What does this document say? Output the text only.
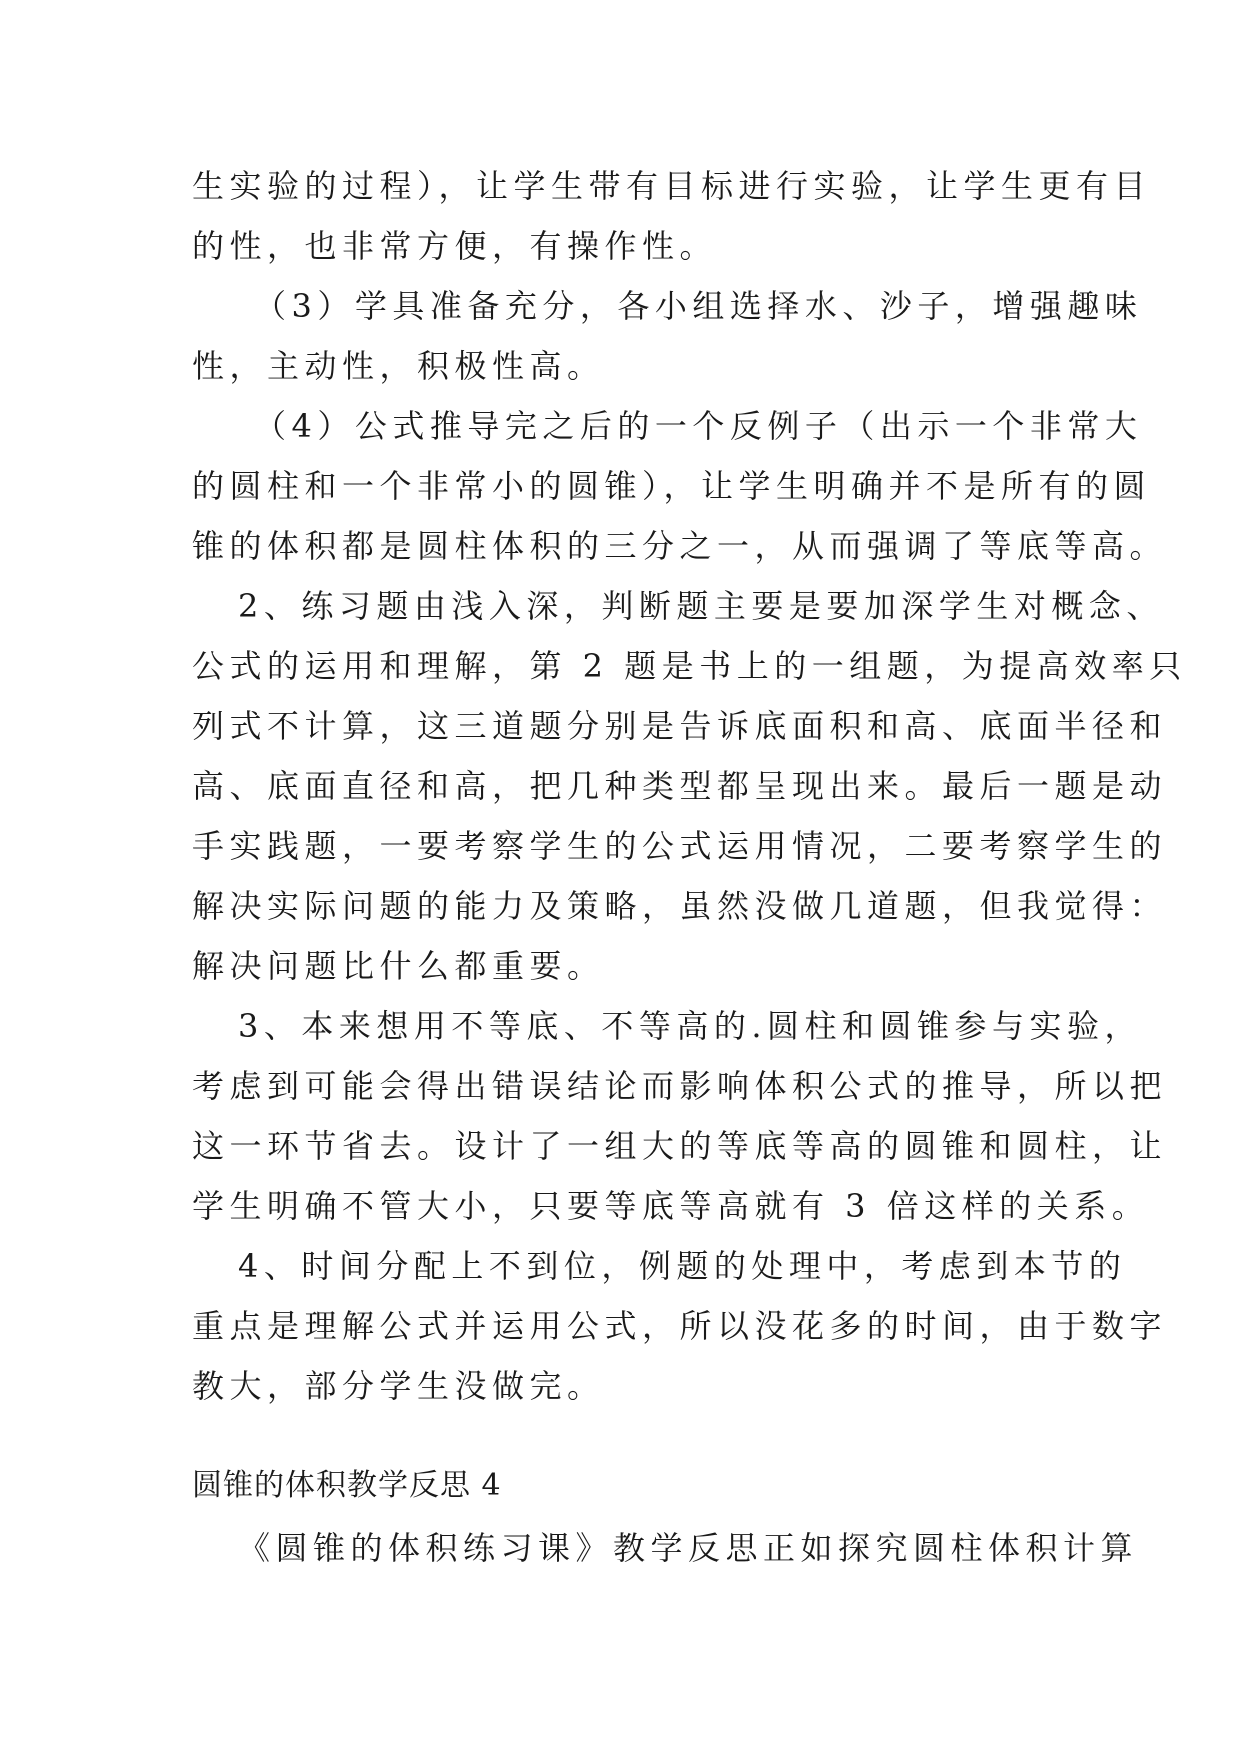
生实验的过程），让学生带有目标进行实验，让学生更有目
的性，也非常方便，有操作性。
（3）学具准备充分，各小组选择水、沙子，增强趣味
性，主动性，积极性高。
（4）公式推导完之后的一个反例子（出示一个非常大
的圆柱和一个非常小的圆锥），让学生明确并不是所有的圆
锥的体积都是圆柱体积的三分之一，从而强调了等底等高。
2、练习题由浅入深，判断题主要是要加深学生对概念、
公式的运用和理解，第 2 题是书上的一组题，为提高效率只
列式不计算，这三道题分别是告诉底面积和高、底面半径和
高、底面直径和高，把几种类型都呈现出来。最后一题是动
手实践题，一要考察学生的公式运用情况，二要考察学生的
解决实际问题的能力及策略，虽然没做几道题，但我觉得：
解决问题比什么都重要。
3、本来想用不等底、不等高的.圆柱和圆锥参与实验，
考虑到可能会得出错误结论而影响体积公式的推导，所以把
这一环节省去。设计了一组大的等底等高的圆锥和圆柱，让
学生明确不管大小，只要等底等高就有 3 倍这样的关系。
4、时间分配上不到位，例题的处理中，考虑到本节的
重点是理解公式并运用公式，所以没花多的时间，由于数字
教大，部分学生没做完。
圆锥的体积教学反思 4
《圆锥的体积练习课》教学反思正如探究圆柱体积计算
